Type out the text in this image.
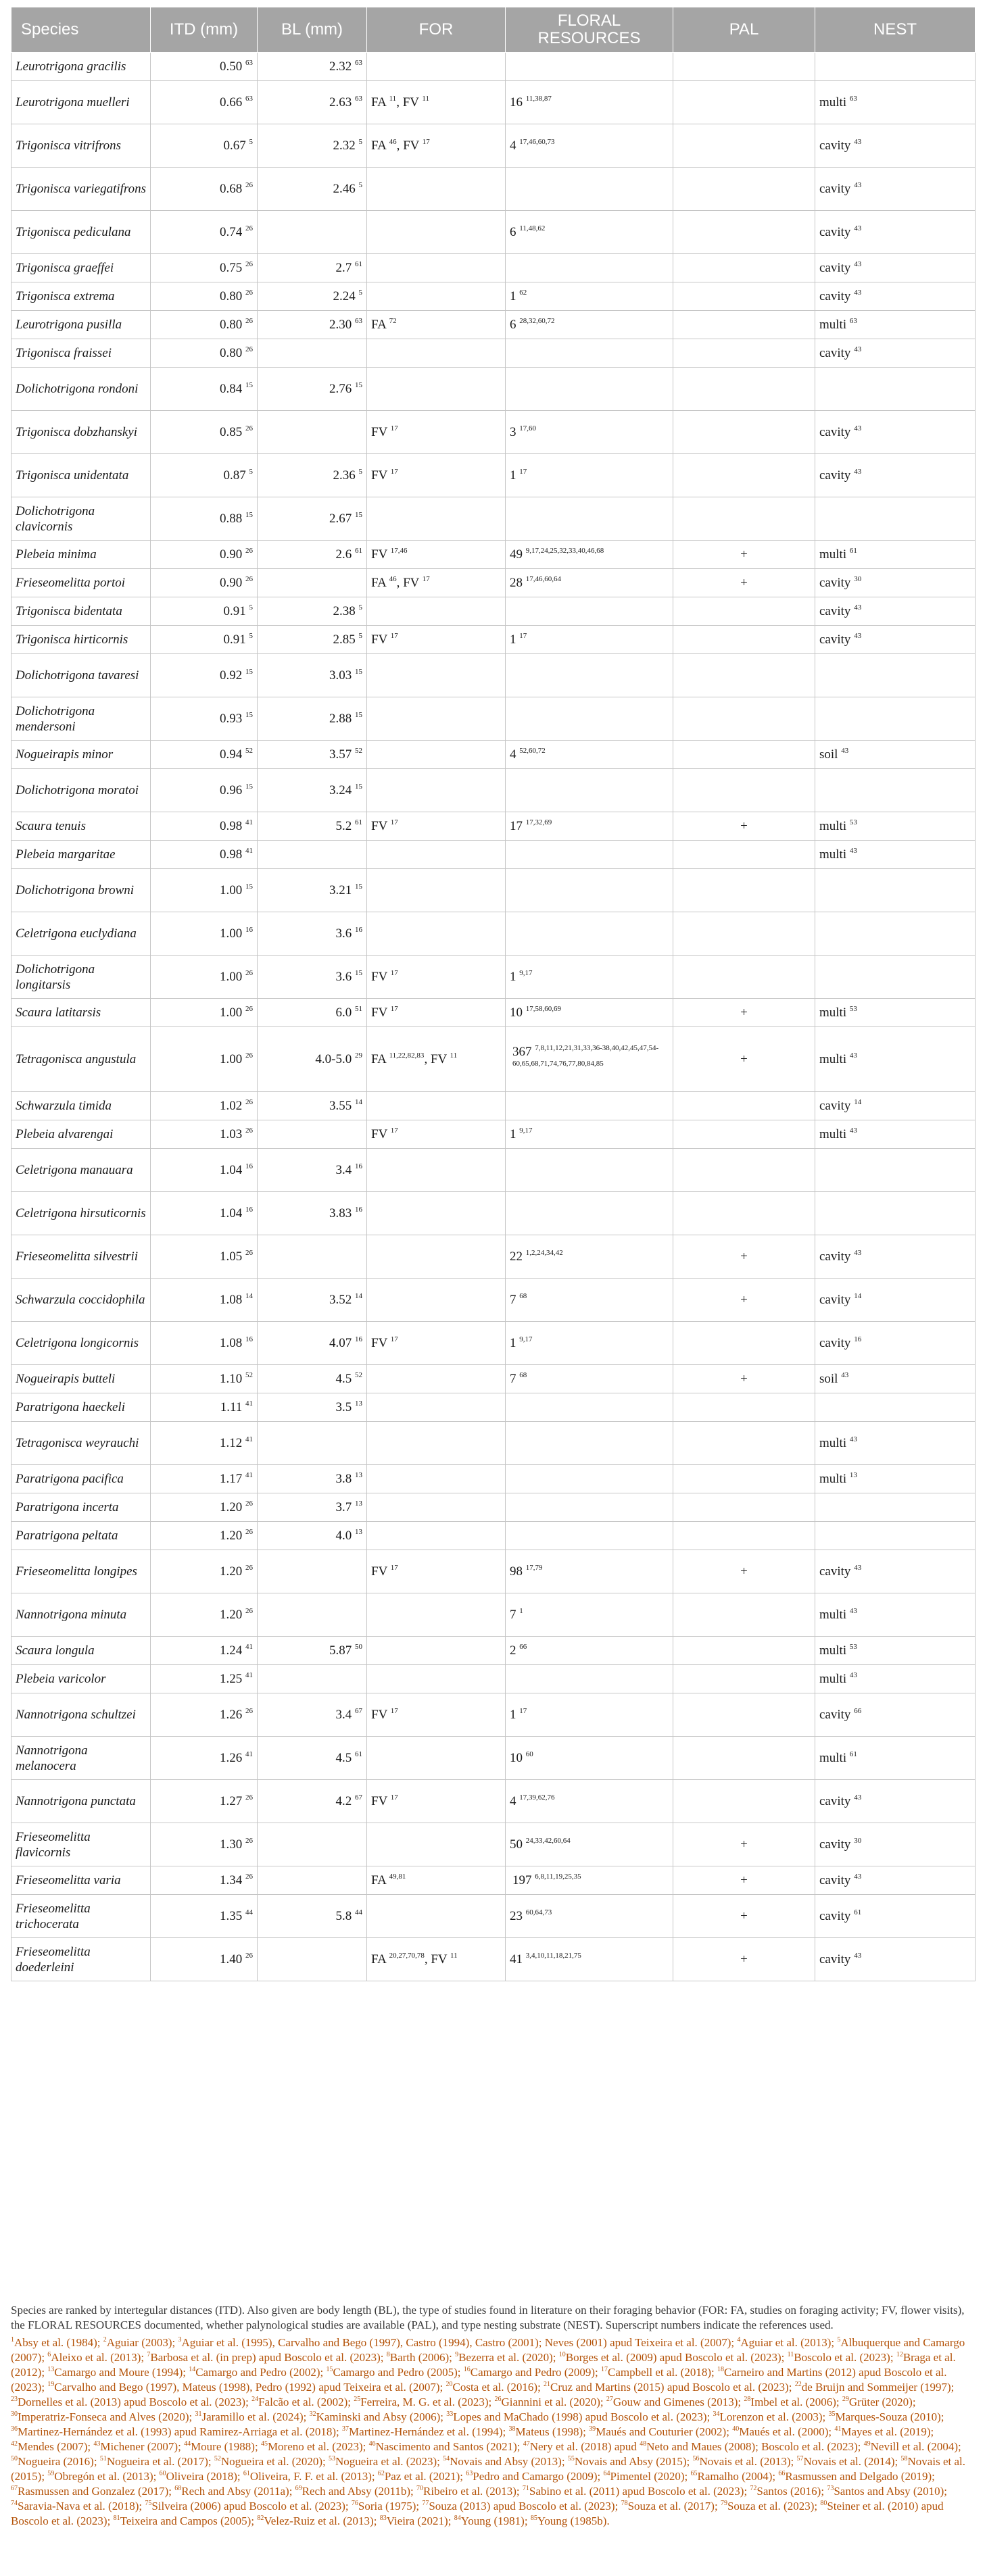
Species	ITD (mm)	BL (mm)	FOR	FLORAL RESOURCES	PAL	NEST
Leurotrigona gracilis	0.50 $^{63}$	2.32 $^{63}$				
Leurotrigona muelleri	0.66 $^{63}$	2.63 $^{63}$	FA $^{11}$, FV $^{11}$	16 $^{11,38,87}$		multi $^{63}$
Trigonisca vitrifrons	0.67 $^5$	2.32 $^5$	FA $^{46}$, FV $^{17}$	4 $^{17,46,60,73}$		cavity $^{43}$
Trigonisca variegatifrons	0.68 $^{26}$	2.46 $^5$				cavity $^{43}$
Trigonisca pediculana	0.74 $^{26}$			6 $^{11,48,62}$		cavity $^{43}$
Trigonisca graeffei	0.75 $^{26}$	2.7 $^{61}$				cavity $^{43}$
Trigonisca extrema	0.80 $^{26}$	2.24 $^5$		1 $^{62}$		cavity $^{43}$
Leurotrigona pusilla	0.80 $^{26}$	2.30 $^{63}$	FA $^{72}$	6 $^{28,32,60,72}$		multi $^{63}$
Trigonisca fraissei	0.80 $^{26}$					cavity $^{43}$
Dolichotrigona rondoni	0.84 $^{15}$	2.76 $^{15}$				
Trigonisca dobzhanskyi	0.85 $^{26}$		FV $^{17}$	3 $^{17,60}$		cavity $^{43}$
Trigonisca unidentata	0.87 $^5$	2.36 $^5$	FV $^{17}$	1 $^{17}$		cavity $^{43}$
Dolichotrigona clavicornis	0.88 $^{15}$	2.67 $^{15}$				
Plebeia minima	0.90 $^{26}$	2.6 $^{61}$	FV $^{17,46}$	49 $^{9,17,24,25,32,33,40,46,68}$	+	multi $^{61}$
Frieseomelitta portoi	0.90 $^{26}$		FA $^{46}$, FV $^{17}$	28 $^{17,46,60,64}$	+	cavity $^{30}$
Trigonisca bidentata	0.91 $^5$	2.38 $^5$				cavity $^{43}$
Trigonisca hirticornis	0.91 $^5$	2.85 $^5$	FV $^{17}$	1 $^{17}$		cavity $^{43}$
Dolichotrigona tavaresi	0.92 $^{15}$	3.03 $^{15}$				
Dolichotrigona mendersoni	0.93 $^{15}$	2.88 $^{15}$				
Nogueirapis minor	0.94 $^{52}$	3.57 $^{52}$		4 $^{52,60,72}$		soil $^{43}$
Dolichotrigona moratoi	0.96 $^{15}$	3.24 $^{15}$				
Scaura tenuis	0.98 $^{41}$	5.2 $^{61}$	FV $^{17}$	17 $^{17,32,69}$	+	multi $^{53}$
Plebeia margaritae	0.98 $^{41}$					multi $^{43}$
Dolichotrigona browni	1.00 $^{15}$	3.21 $^{15}$				
Celetrigona euclydiana	1.00 $^{16}$	3.6 $^{16}$				
Dolichotrigona longitarsis	1.00 $^{26}$	3.6 $^{15}$	FV $^{17}$	1 $^{9,17}$		
Scaura latitarsis	1.00 $^{26}$	6.0 $^{51}$	FV $^{17}$	10 $^{17,58,60,69}$	+	multi $^{53}$
Tetragonisca angustula	1.00 $^{26}$	4.0-5.0 $^{29}$	FA $^{11,22,82,83}$, FV $^{11}$	367 $^{7,8,11,12,21,31,33,36-38,40,42,45,47,54-60,65,68,71,74,76,77,80,84,85}$	+	multi $^{43}$
Schwarzula timida	1.02 $^{26}$	3.55 $^{14}$				cavity $^{14}$
Plebeia alvarengai	1.03 $^{26}$		FV $^{17}$	1 $^{9,17}$		multi $^{43}$
Celetrigona manauara	1.04 $^{16}$	3.4 $^{16}$				
Celetrigona hirsuticornis	1.04 $^{16}$	3.83 $^{16}$				
Frieseomelitta silvestrii	1.05 $^{26}$			22 $^{1,2,24,34,42}$	+	cavity $^{43}$
Schwarzula coccidophila	1.08 $^{14}$	3.52 $^{14}$		7 $^{68}$	+	cavity $^{14}$
Celetrigona longicornis	1.08 $^{16}$	4.07 $^{16}$	FV $^{17}$	1 $^{9,17}$		cavity $^{16}$
Nogueirapis butteli	1.10 $^{52}$	4.5 $^{52}$		7 $^{68}$	+	soil $^{43}$
Paratrigona haeckeli	1.11 $^{41}$	3.5 $^{13}$				
Tetragonisca weyrauchi	1.12 $^{41}$					multi $^{43}$
Paratrigona pacifica	1.17 $^{41}$	3.8 $^{13}$				multi $^{13}$
Paratrigona incerta	1.20 $^{26}$	3.7 $^{13}$				
Paratrigona peltata	1.20 $^{26}$	4.0 $^{13}$				
Frieseomelitta longipes	1.20 $^{26}$		FV $^{17}$	98 $^{17,79}$	+	cavity $^{43}$
Nannotrigona minuta	1.20 $^{26}$			7 $^1$		multi $^{43}$
Scaura longula	1.24 $^{41}$	5.87 $^{50}$		2 $^{66}$		multi $^{53}$
Plebeia varicolor	1.25 $^{41}$					multi $^{43}$
Nannotrigona schultzei	1.26 $^{26}$	3.4 $^{67}$	FV $^{17}$	1 $^{17}$		cavity $^{66}$
Nannotrigona melanocera	1.26 $^{41}$	4.5 $^{61}$		10 $^{60}$		multi $^{61}$
Nannotrigona punctata	1.27 $^{26}$	4.2 $^{67}$	FV $^{17}$	4 $^{17,39,62,76}$		cavity $^{43}$
Frieseomelitta flavicornis	1.30 $^{26}$			50 $^{24,33,42,60,64}$	+	cavity $^{30}$
Frieseomelitta varia	1.34 $^{26}$		FA $^{49,81}$	197 $^{6,8,11,19,25,35}$	+	cavity $^{43}$
Frieseomelitta trichocerata	1.35 $^{44}$	5.8 $^{44}$		23 $^{60,64,73}$	+	cavity $^{61}$
Frieseomelitta doederleini	1.40 $^{26}$		FA $^{20,27,70,78}$, FV $^{11}$	41 $^{3,4,10,11,18,21,75}$	+	cavity $^{43}$

Species are ranked by intertegular distances (ITD). Also given are body length (BL), the type of studies found in literature on their foraging behavior (FOR: FA, studies on foraging activity; FV, flower visits), the FLORAL RESOURCES documented, whether palynological studies are available (PAL), and type nesting substrate (NEST). Superscript numbers indicate the references used.

$^1$Absy et al. (1984); $^2$Aguiar (2003); $^3$Aguiar et al. (1995), Carvalho and Bego (1997), Castro (1994), Castro (2001); Neves (2001) apud Teixeira et al. (2007); $^4$Aguiar et al. (2013); $^5$Albuquerque and Camargo (2007); $^6$Aleixo et al. (2013); $^7$Barbosa et al. (in prep) apud Boscolo et al. (2023); $^8$Barth (2006); $^9$Bezerra et al. (2020); $^{10}$Borges et al. (2009) apud Boscolo et al. (2023); $^{11}$Boscolo et al. (2023); $^{12}$Braga et al. (2012); $^{13}$Camargo and Moure (1994); $^{14}$Camargo and Pedro (2002); $^{15}$Camargo and Pedro (2005); $^{16}$Camargo and Pedro (2009); $^{17}$Campbell et al. (2018); $^{18}$Carneiro and Martins (2012) apud Boscolo et al. (2023); $^{19}$Carvalho and Bego (1997), Mateus (1998), Pedro (1992) apud Teixeira et al. (2007); $^{20}$Costa et al. (2016); $^{21}$Cruz and Martins (2015) apud Boscolo et al. (2023); $^{22}$de Bruijn and Sommeijer (1997); $^{23}$Dornelles et al. (2013) apud Boscolo et al. (2023); $^{24}$Falcão et al. (2002); $^{25}$Ferreira, M. G. et al. (2023); $^{26}$Giannini et al. (2020); $^{27}$Gouw and Gimenes (2013); $^{28}$Imbel et al. (2006); $^{29}$Grüter (2020); $^{30}$Imperatriz-Fonseca and Alves (2020); $^{31}$Jaramillo et al. (2024); $^{32}$Kaminski and Absy (2006); $^{33}$Lopes and MaChado (1998) apud Boscolo et al. (2023); $^{34}$Lorenzon et al. (2003); $^{35}$Marques-Souza (2010); $^{36}$Martinez-Hernández et al. (1993) apud Ramirez-Arriaga et al. (2018); $^{37}$Martinez-Hernández et al. (1994); $^{38}$Mateus (1998); $^{39}$Maués and Couturier (2002); $^{40}$Maués et al. (2000); $^{41}$Mayes et al. (2019); $^{42}$Mendes (2007); $^{43}$Michener (2007); $^{44}$Moure (1988); $^{45}$Moreno et al. (2023); $^{46}$Nascimento and Santos (2021); $^{47}$Nery et al. (2018) apud $^{48}$Neto and Maues (2008); Boscolo et al. (2023); $^{49}$Nevill et al. (2004); $^{50}$Nogueira (2016); $^{51}$Nogueira et al. (2017); $^{52}$Nogueira et al. (2020); $^{53}$Nogueira et al. (2023); $^{54}$Novais and Absy (2013); $^{55}$Novais and Absy (2015); $^{56}$Novais et al. (2013); $^{57}$Novais et al. (2014); $^{58}$Novais et al. (2015); $^{59}$Obregón et al. (2013); $^{60}$Oliveira (2018); $^{61}$Oliveira, F. F. et al. (2013); $^{62}$Paz et al. (2021); $^{63}$Pedro and Camargo (2009); $^{64}$Pimentel (2020); $^{65}$Ramalho (2004); $^{66}$Rasmussen and Delgado (2019); $^{67}$Rasmussen and Gonzalez (2017); $^{68}$Rech and Absy (2011a); $^{69}$Rech and Absy (2011b); $^{70}$Ribeiro et al. (2013); $^{71}$Sabino et al. (2011) apud Boscolo et al. (2023); $^{72}$Santos (2016); $^{73}$Santos and Absy (2010); $^{74}$Saravia-Nava et al. (2018); $^{75}$Silveira (2006) apud Boscolo et al. (2023); $^{76}$Soria (1975); $^{77}$Souza (2013) apud Boscolo et al. (2023); $^{78}$Souza et al. (2017); $^{79}$Souza et al. (2023); $^{80}$Steiner et al. (2010) apud Boscolo et al. (2023); $^{81}$Teixeira and Campos (2005); $^{82}$Velez-Ruiz et al. (2013); $^{83}$Vieira (2021); $^{84}$Young (1981); $^{85}$Young (1985b).
